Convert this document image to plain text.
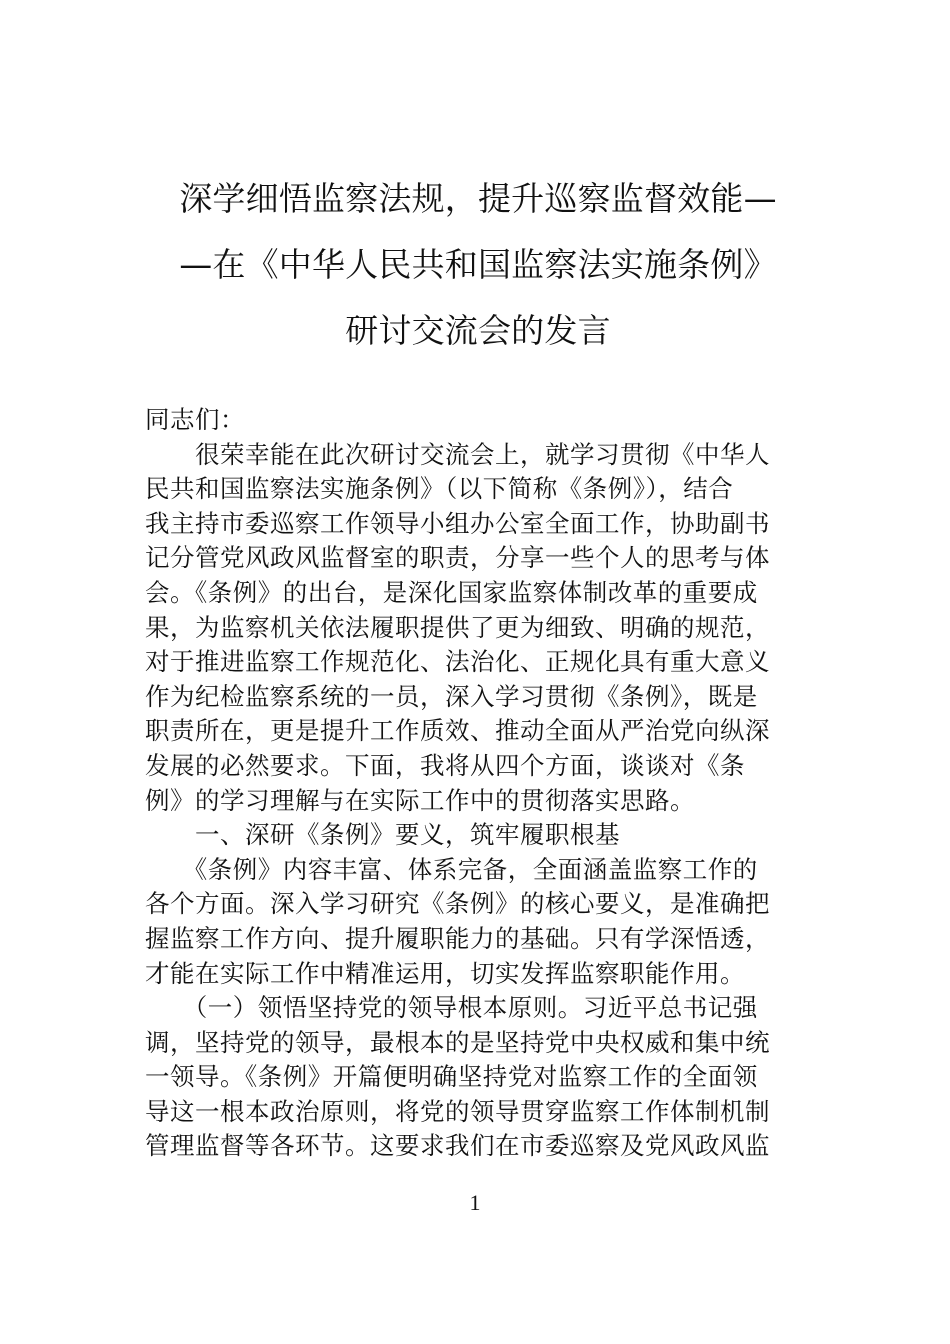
深学细悟监察法规，提升巡察监督效能—
—在《中华人民共和国监察法实施条例》
研讨交流会的发言

同志们：

　　很荣幸能在此次研讨交流会上，就学习贯彻《中华人

民共和国监察法实施条例》（以下简称《条例》），结合

我主持市委巡察工作领导小组办公室全面工作，协助副书

记分管党风政风监督室的职责，分享一些个人的思考与体

会。《条例》的出台，是深化国家监察体制改革的重要成

果，为监察机关依法履职提供了更为细致、明确的规范，

对于推进监察工作规范化、法治化、正规化具有重大意义

作为纪检监察系统的一员，深入学习贯彻《条例》，既是

职责所在，更是提升工作质效、推动全面从严治党向纵深

发展的必然要求。下面，我将从四个方面，谈谈对《条

例》的学习理解与在实际工作中的贯彻落实思路。

　　一、深研《条例》要义，筑牢履职根基

　　《条例》内容丰富、体系完备，全面涵盖监察工作的

各个方面。深入学习研究《条例》的核心要义，是准确把

握监察工作方向、提升履职能力的基础。只有学深悟透，

才能在实际工作中精准运用，切实发挥监察职能作用。

　　（一）领悟坚持党的领导根本原则。习近平总书记强

调，坚持党的领导，最根本的是坚持党中央权威和集中统

一领导。《条例》开篇便明确坚持党对监察工作的全面领

导这一根本政治原则，将党的领导贯穿监察工作体制机制

管理监督等各环节。这要求我们在市委巡察及党风政风监

1
